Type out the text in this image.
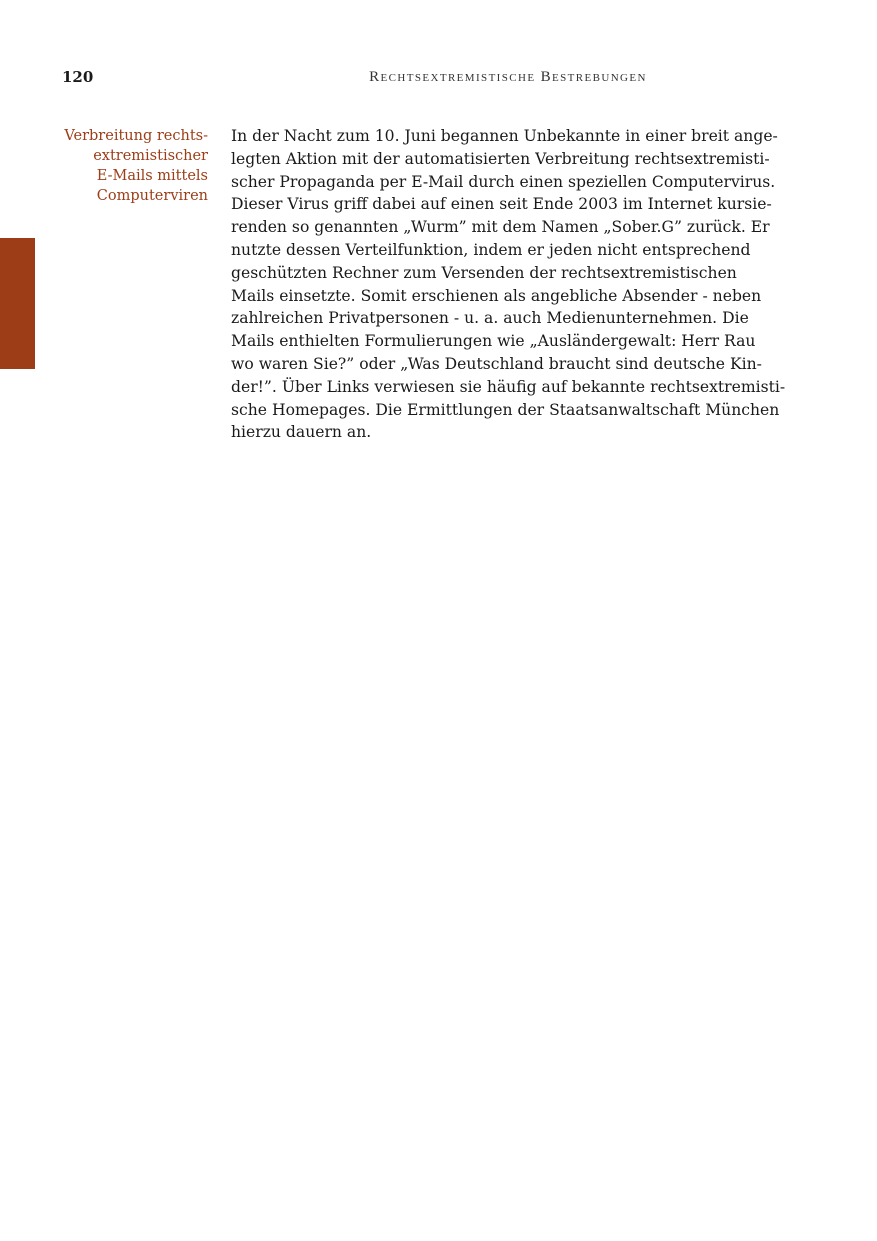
120	Rechtsextremistische Bestrebungen
Verbreitung rechts-
extremistischer
E-Mails mittels
Computerviren
In der Nacht zum 10. Juni begannen Unbekannte in einer breit ange-
legten Aktion mit der automatisierten Verbreitung rechtsextremisti-
scher Propaganda per E-Mail durch einen speziellen Computervirus.
Dieser Virus griff dabei auf einen seit Ende 2003 im Internet kursie-
renden so genannten „Wurm” mit dem Namen „Sober.G” zurück. Er
nutzte dessen Verteilfunktion, indem er jeden nicht entsprechend
geschützten Rechner zum Versenden der rechtsextremistischen
Mails einsetzte. Somit erschienen als angebliche Absender - neben
zahlreichen Privatpersonen - u. a. auch Medienunternehmen. Die
Mails enthielten Formulierungen wie „Ausländergewalt: Herr Rau
wo waren Sie?” oder „Was Deutschland braucht sind deutsche Kin-
der!”. Über Links verwiesen sie häufig auf bekannte rechtsextremisti-
sche Homepages. Die Ermittlungen der Staatsanwaltschaft München
hierzu dauern an.
